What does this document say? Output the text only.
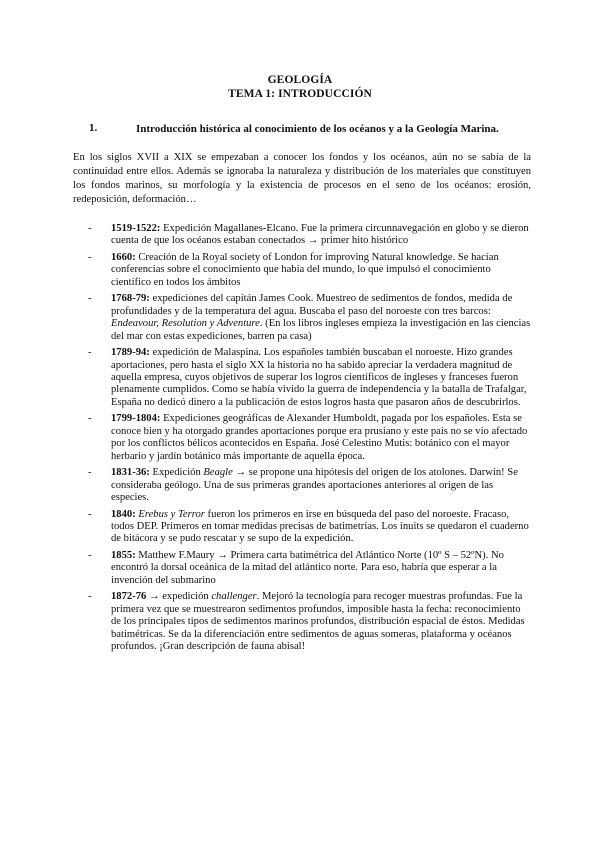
GEOLOGÍA
TEMA 1: INTRODUCCIÓN
1.	Introducción histórica al conocimiento de los océanos y a la Geología Marina.

En los siglos XVII a XIX se empezaban a conocer los fondos y los océanos, aún no se sabía de la continuidad entre ellos. Además se ignoraba la naturaleza y distribución de los materiales que constituyen los fondos marinos, su morfología y la existencia de procesos en el seno de los océanos: erosión, redeposición, deformación…

- 1519-1522: Expedición Magallanes-Elcano. Fue la primera circunnavegación en globo y se dieron cuenta de que los océanos estaban conectados → primer hito histórico
- 1660: Creación de la Royal society of London for improving Natural knowledge. Se hacían conferencias sobre el conocimiento que había del mundo, lo que impulsó el conocimiento científico en todos los ámbitos
- 1768-79: expediciones del capitán James Cook. Muestreo de sedimentos de fondos, medida de profundidades y de la temperatura del agua. Buscaba el paso del noroeste con tres barcos: Endeavour, Resolution y Adventure. (En los libros ingleses empieza la investigación en las ciencias del mar con estas expediciones, barren pa casa)
- 1789-94: expedición de Malaspina. Los españoles también buscaban el noroeste. Hizo grandes aportaciones, pero hasta el siglo XX la historia no ha sabido apreciar la verdadera magnitud de aquella empresa, cuyos objetivos de superar los logros científicos de ingleses y franceses fueron plenamente cumplidos. Como se había vivido la guerra de independencia y la batalla de Trafalgar, España no dedicó dinero a la publicación de estos logros hasta que pasaron años de descubrirlos.
- 1799-1804: Expediciones geográficas de Alexander Humboldt, pagada por los españoles. Esta se conoce bien y ha otorgado grandes aportaciones porque era prusiano y este país no se vio afectado por los conflictos bélicos acontecidos en España. José Celestino Mutis: botánico con el mayor herbario y jardín botánico más importante de aquella época.
- 1831-36: Expedición Beagle → se propone una hipótesis del origen de los atolones. Darwin! Se consideraba geólogo. Una de sus primeras grandes aportaciones anteriores al origen de las especies.
- 1840: Erebus y Terror fueron los primeros en irse en búsqueda del paso del noroeste. Fracaso, todos DEP. Primeros en tomar medidas precisas de batimetrías. Los inuits se quedaron el cuaderno de bitácora y se pudo rescatar y se supo de la expedición.
- 1855: Matthew F.Maury → Primera carta batimétrica del Atlántico Norte (10º S – 52ºN). No encontró la dorsal oceánica de la mitad del atlántico norte. Para eso, habría que esperar a la invención del submarino
- 1872-76 → expedición challenger. Mejoró la tecnología para recoger muestras profundas. Fue la primera vez que se muestrearon sedimentos profundos, imposible hasta la fecha: reconocimiento de los principales tipos de sedimentos marinos profundos, distribución espacial de éstos. Medidas batimétricas. Se da la diferenciación entre sedimentos de aguas someras, plataforma y océanos profundos. ¡Gran descripción de fauna abisal!
